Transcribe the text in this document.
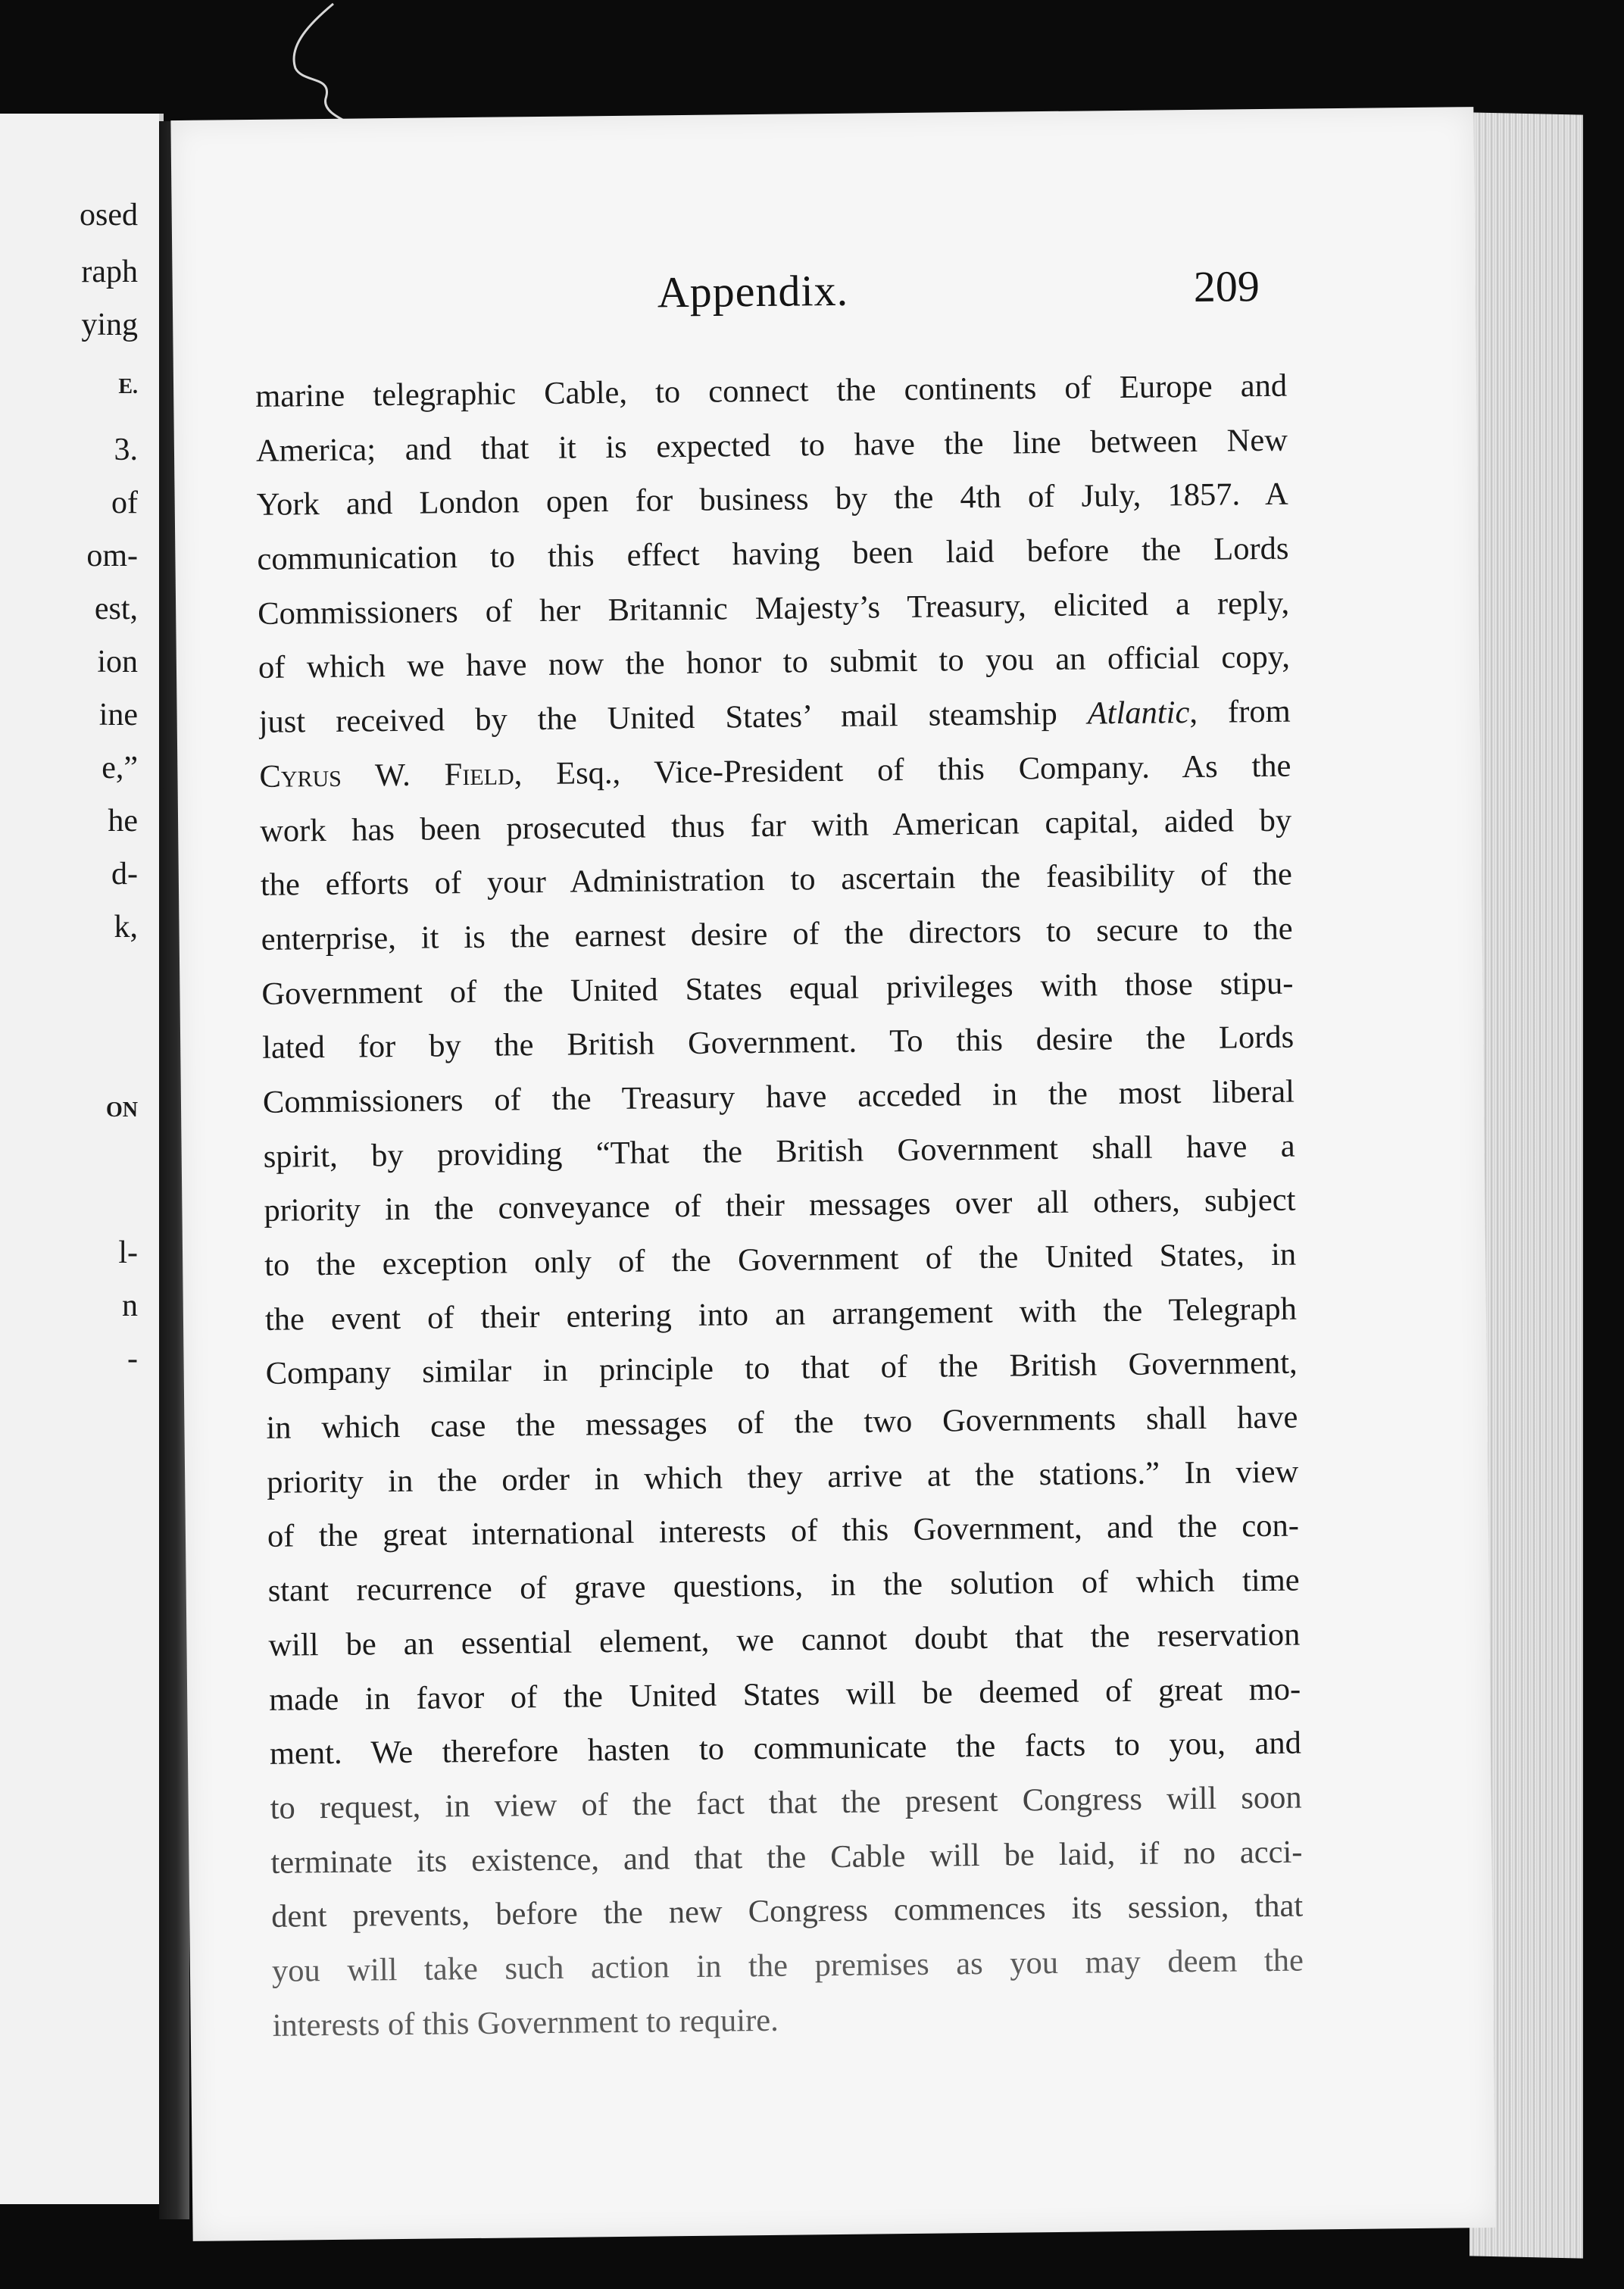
osed
raph
ying
E.
3.
of
om-
est,
ion
ine
e,”
he
d-
k,
ON
l-
n
-
Appendix.	209
marine telegraphic Cable, to connect the continents of Europe and
America; and that it is expected to have the line between New
York and London open for business by the 4th of July, 1857. A
communication to this effect having been laid before the Lords
Commissioners of her Britannic Majesty’s Treasury, elicited a reply,
of which we have now the honor to submit to you an official copy,
just received by the United States’ mail steamship Atlantic, from
Cyrus W. Field, Esq., Vice-President of this Company. As the
work has been prosecuted thus far with American capital, aided by
the efforts of your Administration to ascertain the feasibility of the
enterprise, it is the earnest desire of the directors to secure to the
Government of the United States equal privileges with those stipu-
lated for by the British Government. To this desire the Lords
Commissioners of the Treasury have acceded in the most liberal
spirit, by providing “That the British Government shall have a
priority in the conveyance of their messages over all others, subject
to the exception only of the Government of the United States, in
the event of their entering into an arrangement with the Telegraph
Company similar in principle to that of the British Government,
in which case the messages of the two Governments shall have
priority in the order in which they arrive at the stations.” In view
of the great international interests of this Government, and the con-
stant recurrence of grave questions, in the solution of which time
will be an essential element, we cannot doubt that the reservation
made in favor of the United States will be deemed of great mo-
ment. We therefore hasten to communicate the facts to you, and
to request, in view of the fact that the present Congress will soon
terminate its existence, and that the Cable will be laid, if no acci-
dent prevents, before the new Congress commences its session, that
you will take such action in the premises as you may deem the
interests of this Government to require.
